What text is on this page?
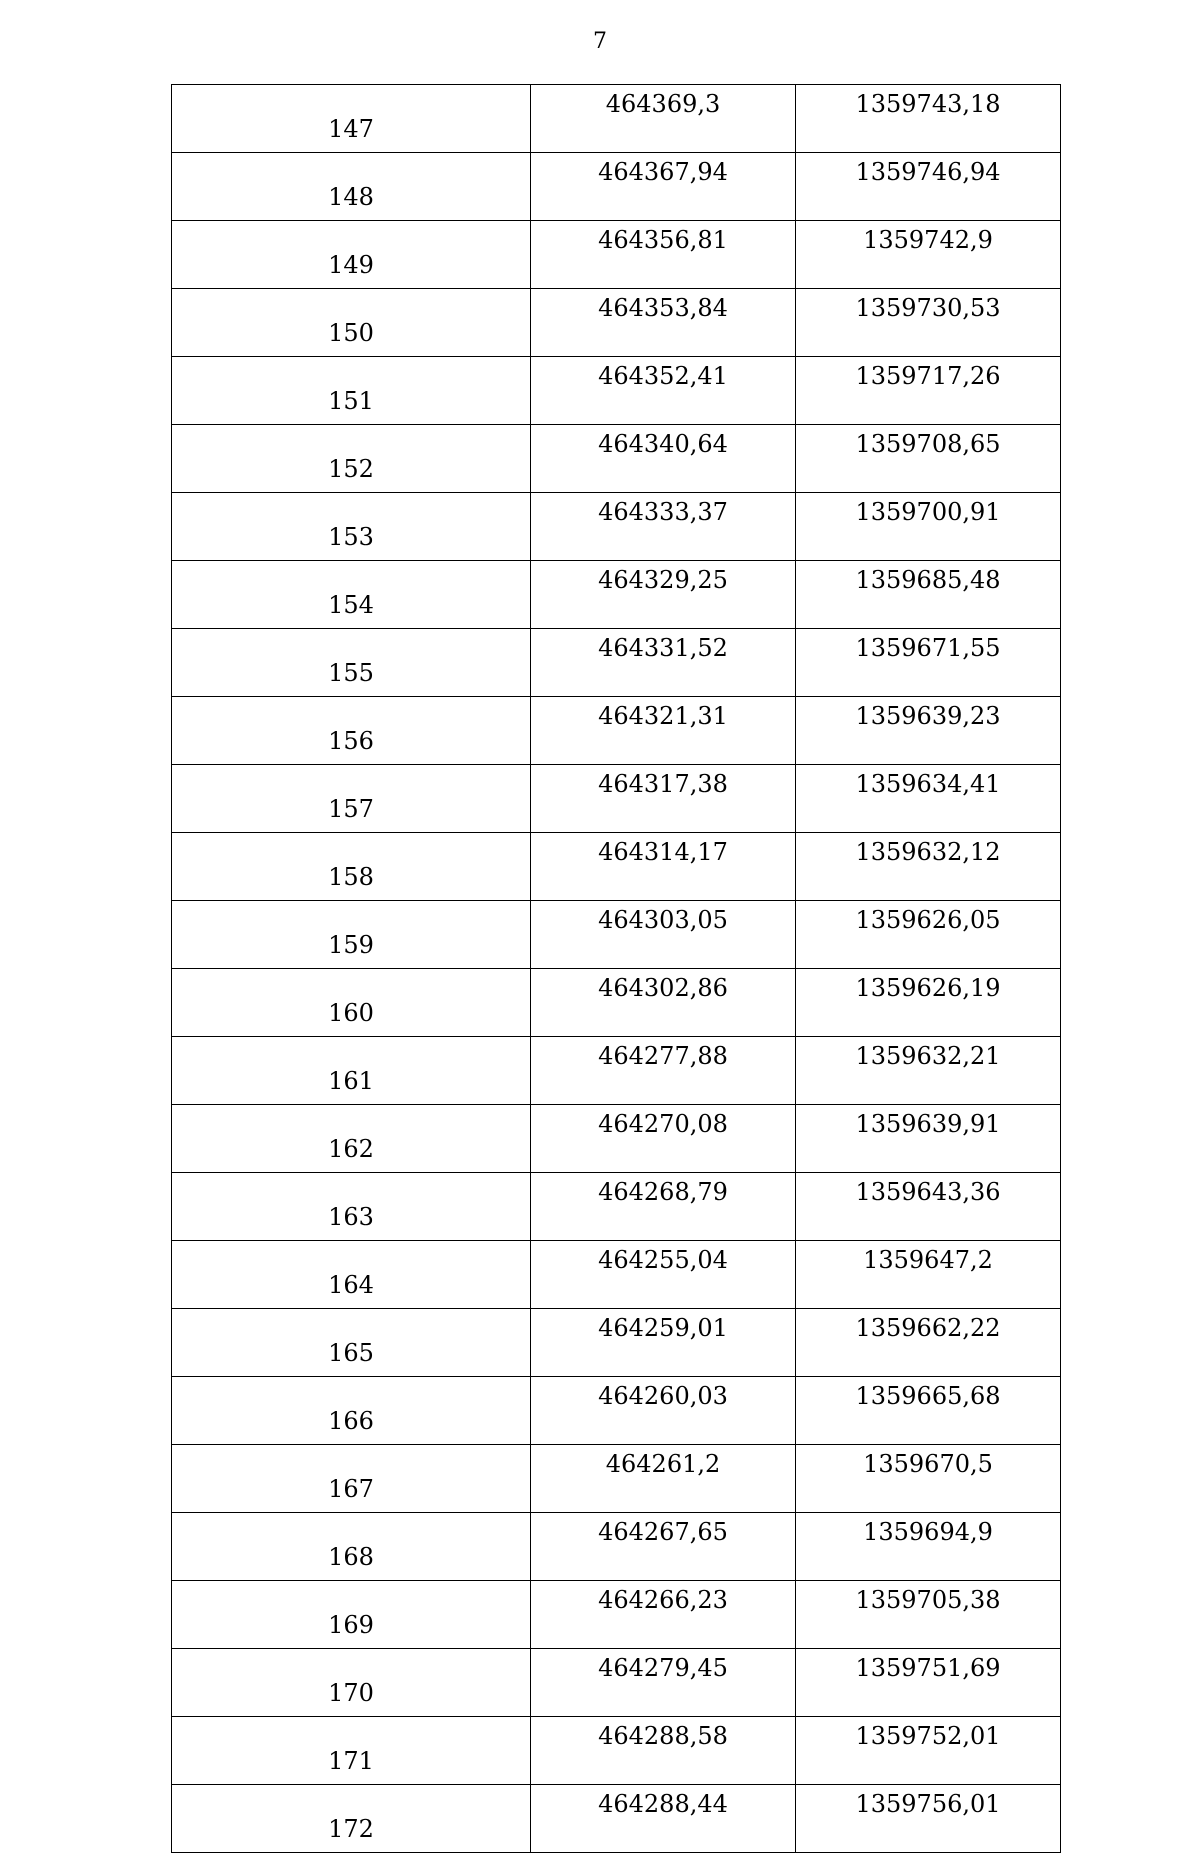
7
147	464369,3	1359743,18
148	464367,94	1359746,94
149	464356,81	1359742,9
150	464353,84	1359730,53
151	464352,41	1359717,26
152	464340,64	1359708,65
153	464333,37	1359700,91
154	464329,25	1359685,48
155	464331,52	1359671,55
156	464321,31	1359639,23
157	464317,38	1359634,41
158	464314,17	1359632,12
159	464303,05	1359626,05
160	464302,86	1359626,19
161	464277,88	1359632,21
162	464270,08	1359639,91
163	464268,79	1359643,36
164	464255,04	1359647,2
165	464259,01	1359662,22
166	464260,03	1359665,68
167	464261,2	1359670,5
168	464267,65	1359694,9
169	464266,23	1359705,38
170	464279,45	1359751,69
171	464288,58	1359752,01
172	464288,44	1359756,01
